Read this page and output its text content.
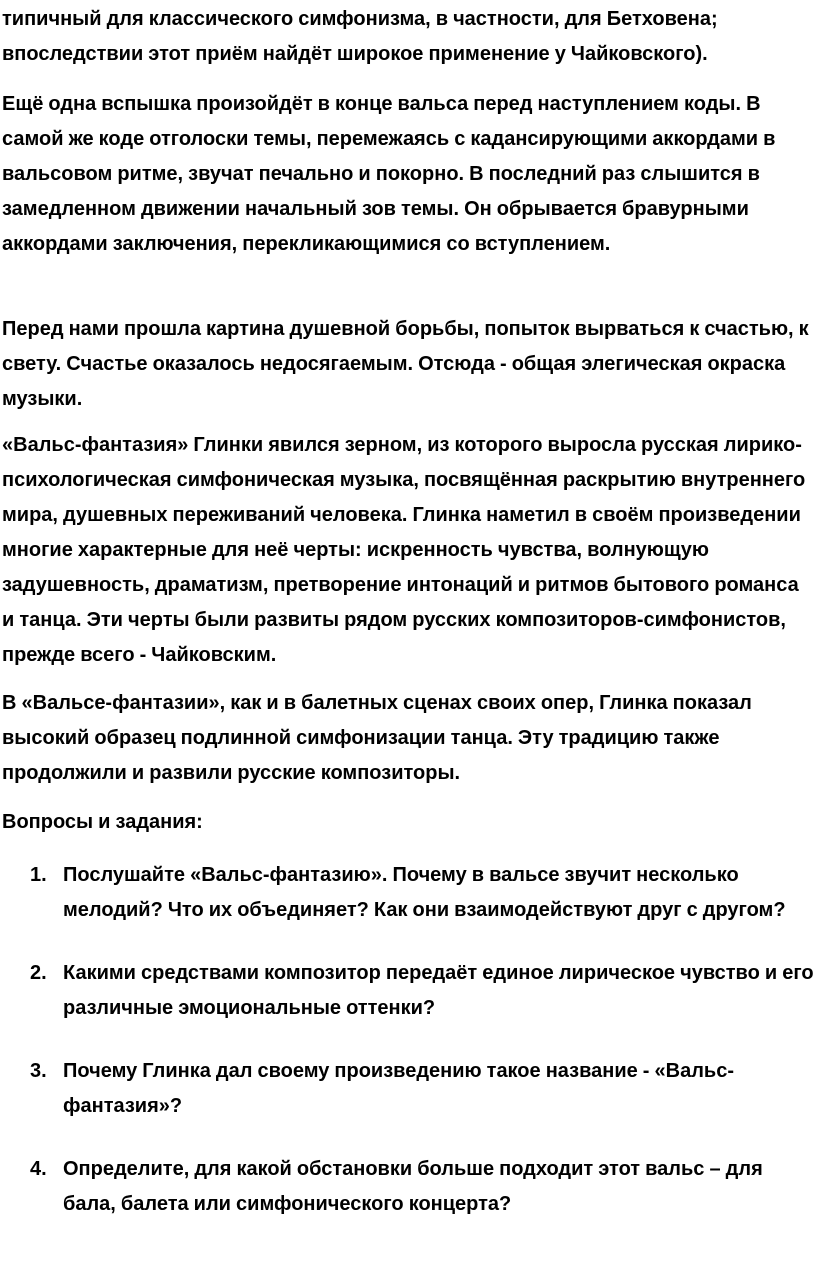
типичный для классического симфонизма, в частности, для Бетховена; впоследствии этот приём найдёт широкое применение у Чайковского).

Ещё одна вспышка произойдёт в конце вальса перед наступлением коды. В самой же коде отголоски темы, перемежаясь с кадансирующими аккордами в вальсовом ритме, звучат печально и покорно. В последний раз слышится в замедленном движении начальный зов темы. Он обрывается бравурными аккордами заключения, перекликающимися со вступлением.

Перед нами прошла картина душевной борьбы, попыток вырваться к счастью, к свету. Счастье оказалось недосягаемым. Отсюда - общая элегическая окраска музыки.

«Вальс-фантазия» Глинки явился зерном, из которого выросла русская лирико-психологическая симфоническая музыка, посвящённая раскрытию внутреннего мира, душевных переживаний человека. Глинка наметил в своём произведении многие характерные для неё черты: искренность чувства, волнующую задушевность, драматизм, претворение интонаций и ритмов бытового романса и танца. Эти черты были развиты рядом русских композиторов-симфонистов, прежде всего - Чайковским.

В «Вальсе-фантазии», как и в балетных сценах своих опер, Глинка показал высокий образец подлинной симфонизации танца. Эту традицию также продолжили и развили русские композиторы.

Вопросы и задания:

1. Послушайте «Вальс-фантазию». Почему в вальсе звучит несколько мелодий? Что их объединяет? Как они взаимодействуют друг с другом?
2. Какими средствами композитор передаёт единое лирическое чувство и его различные эмоциональные оттенки?
3. Почему Глинка дал своему произведению такое название - «Вальс-фантазия»?
4. Определите, для какой обстановки больше подходит этот вальс – для бала, балета или симфонического концерта?
